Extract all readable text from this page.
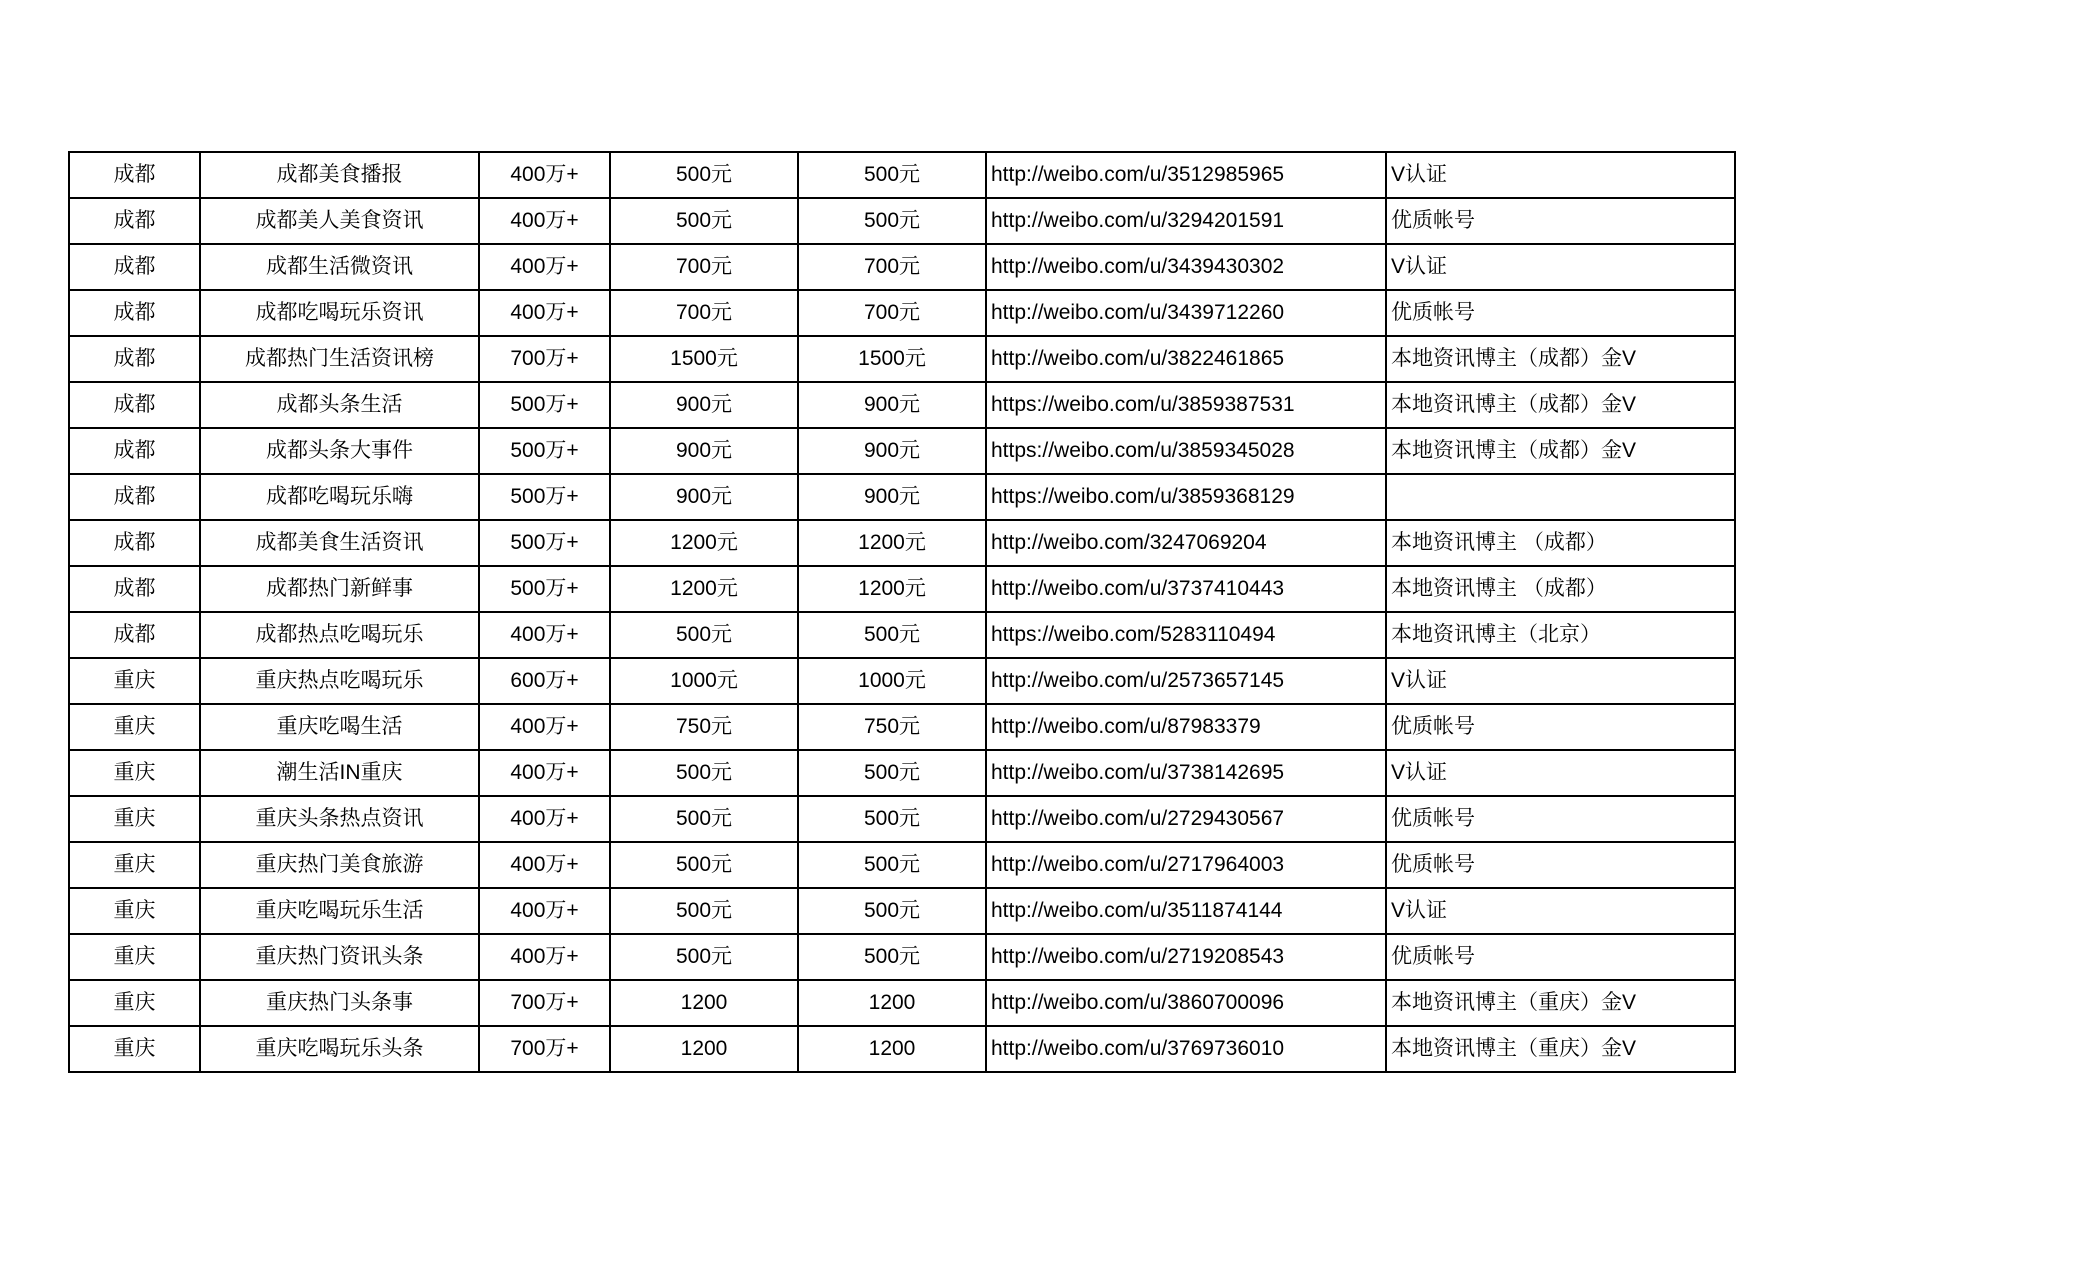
成都	成都美食播报	400万+	500元	500元	http://weibo.com/u/3512985965	V认证
成都	成都美人美食资讯	400万+	500元	500元	http://weibo.com/u/3294201591	优质帐号
成都	成都生活微资讯	400万+	700元	700元	http://weibo.com/u/3439430302	V认证
成都	成都吃喝玩乐资讯	400万+	700元	700元	http://weibo.com/u/3439712260	优质帐号
成都	成都热门生活资讯榜	700万+	1500元	1500元	http://weibo.com/u/3822461865	本地资讯博主（成都）金V
成都	成都头条生活	500万+	900元	900元	https://weibo.com/u/3859387531	本地资讯博主（成都）金V
成都	成都头条大事件	500万+	900元	900元	https://weibo.com/u/3859345028	本地资讯博主（成都）金V
成都	成都吃喝玩乐嗨	500万+	900元	900元	https://weibo.com/u/3859368129	
成都	成都美食生活资讯	500万+	1200元	1200元	http://weibo.com/3247069204	本地资讯博主 （成都）
成都	成都热门新鲜事	500万+	1200元	1200元	http://weibo.com/u/3737410443	本地资讯博主 （成都）
成都	成都热点吃喝玩乐	400万+	500元	500元	https://weibo.com/5283110494	本地资讯博主（北京）
重庆	重庆热点吃喝玩乐	600万+	1000元	1000元	http://weibo.com/u/2573657145	V认证
重庆	重庆吃喝生活	400万+	750元	750元	http://weibo.com/u/87983379	优质帐号
重庆	潮生活IN重庆	400万+	500元	500元	http://weibo.com/u/3738142695	V认证
重庆	重庆头条热点资讯	400万+	500元	500元	http://weibo.com/u/2729430567	优质帐号
重庆	重庆热门美食旅游	400万+	500元	500元	http://weibo.com/u/2717964003	优质帐号
重庆	重庆吃喝玩乐生活	400万+	500元	500元	http://weibo.com/u/3511874144	V认证
重庆	重庆热门资讯头条	400万+	500元	500元	http://weibo.com/u/2719208543	优质帐号
重庆	重庆热门头条事	700万+	1200	1200	http://weibo.com/u/3860700096	本地资讯博主（重庆）金V
重庆	重庆吃喝玩乐头条	700万+	1200	1200	http://weibo.com/u/3769736010	本地资讯博主（重庆）金V
